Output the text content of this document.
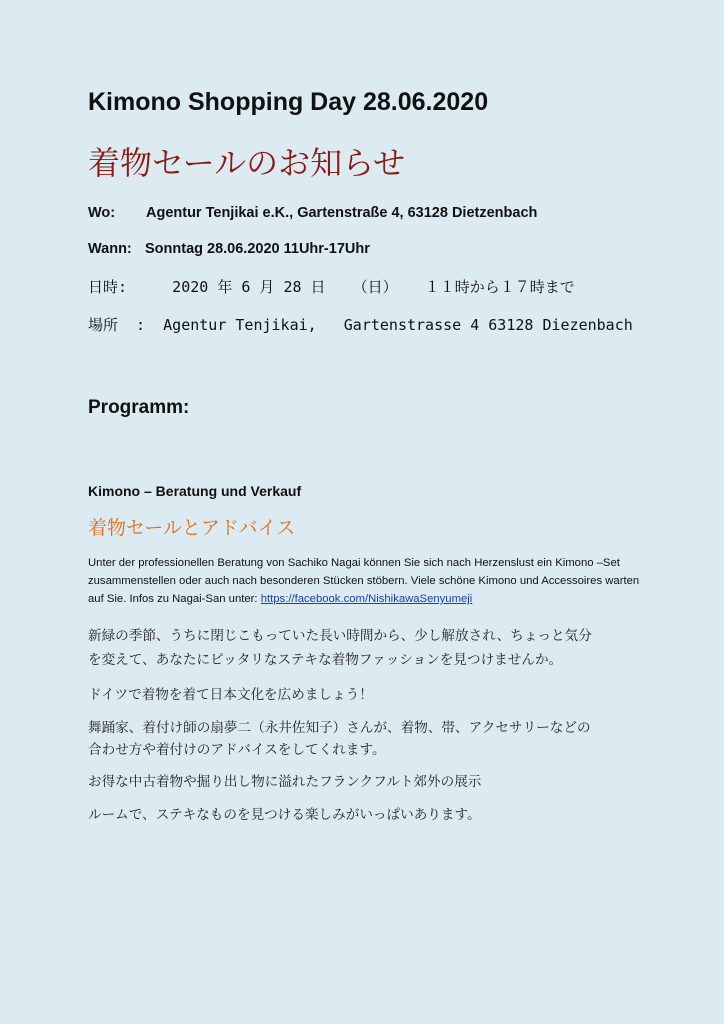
Kimono Shopping Day 28.06.2020
着物セールのお知らせ
Wo: Agentur Tenjikai e.K., Gartenstraße 4, 63128 Dietzenbach
Wann: Sonntag 28.06.2020 11Uhr-17Uhr
日時:     2020 年 6 月 28 日   （日）   １１時から１７時まで
場所  :  Agentur Tenjikai,   Gartenstrasse 4 63128 Diezenbach
Programm:
Kimono – Beratung und Verkauf
着物セールとアドバイス
Unter der professionellen Beratung von Sachiko Nagai können Sie sich nach Herzenslust ein Kimono –Set zusammenstellen oder auch nach besonderen Stücken stöbern. Viele schöne Kimono und Accessoires warten auf Sie. Infos zu Nagai-San unter: https://facebook.com/NishikawaSenyumeji
新緑の季節、うちに閉じこもっていた長い時間から、少し解放され、ちょっと気分
を変えて、あなたにピッタリなステキな着物ファッションを見つけませんか。
ドイツで着物を着て日本文化を広めましょう！
舞踊家、着付け師の扇夢二（永井佐知子）さんが、着物、帯、アクセサリーなどの
合わせ方や着付けのアドバイスをしてくれます。
お得な中古着物や掘り出し物に溢れたフランクフルト郊外の展示
ルームで、ステキなものを見つける楽しみがいっぱいあります。
